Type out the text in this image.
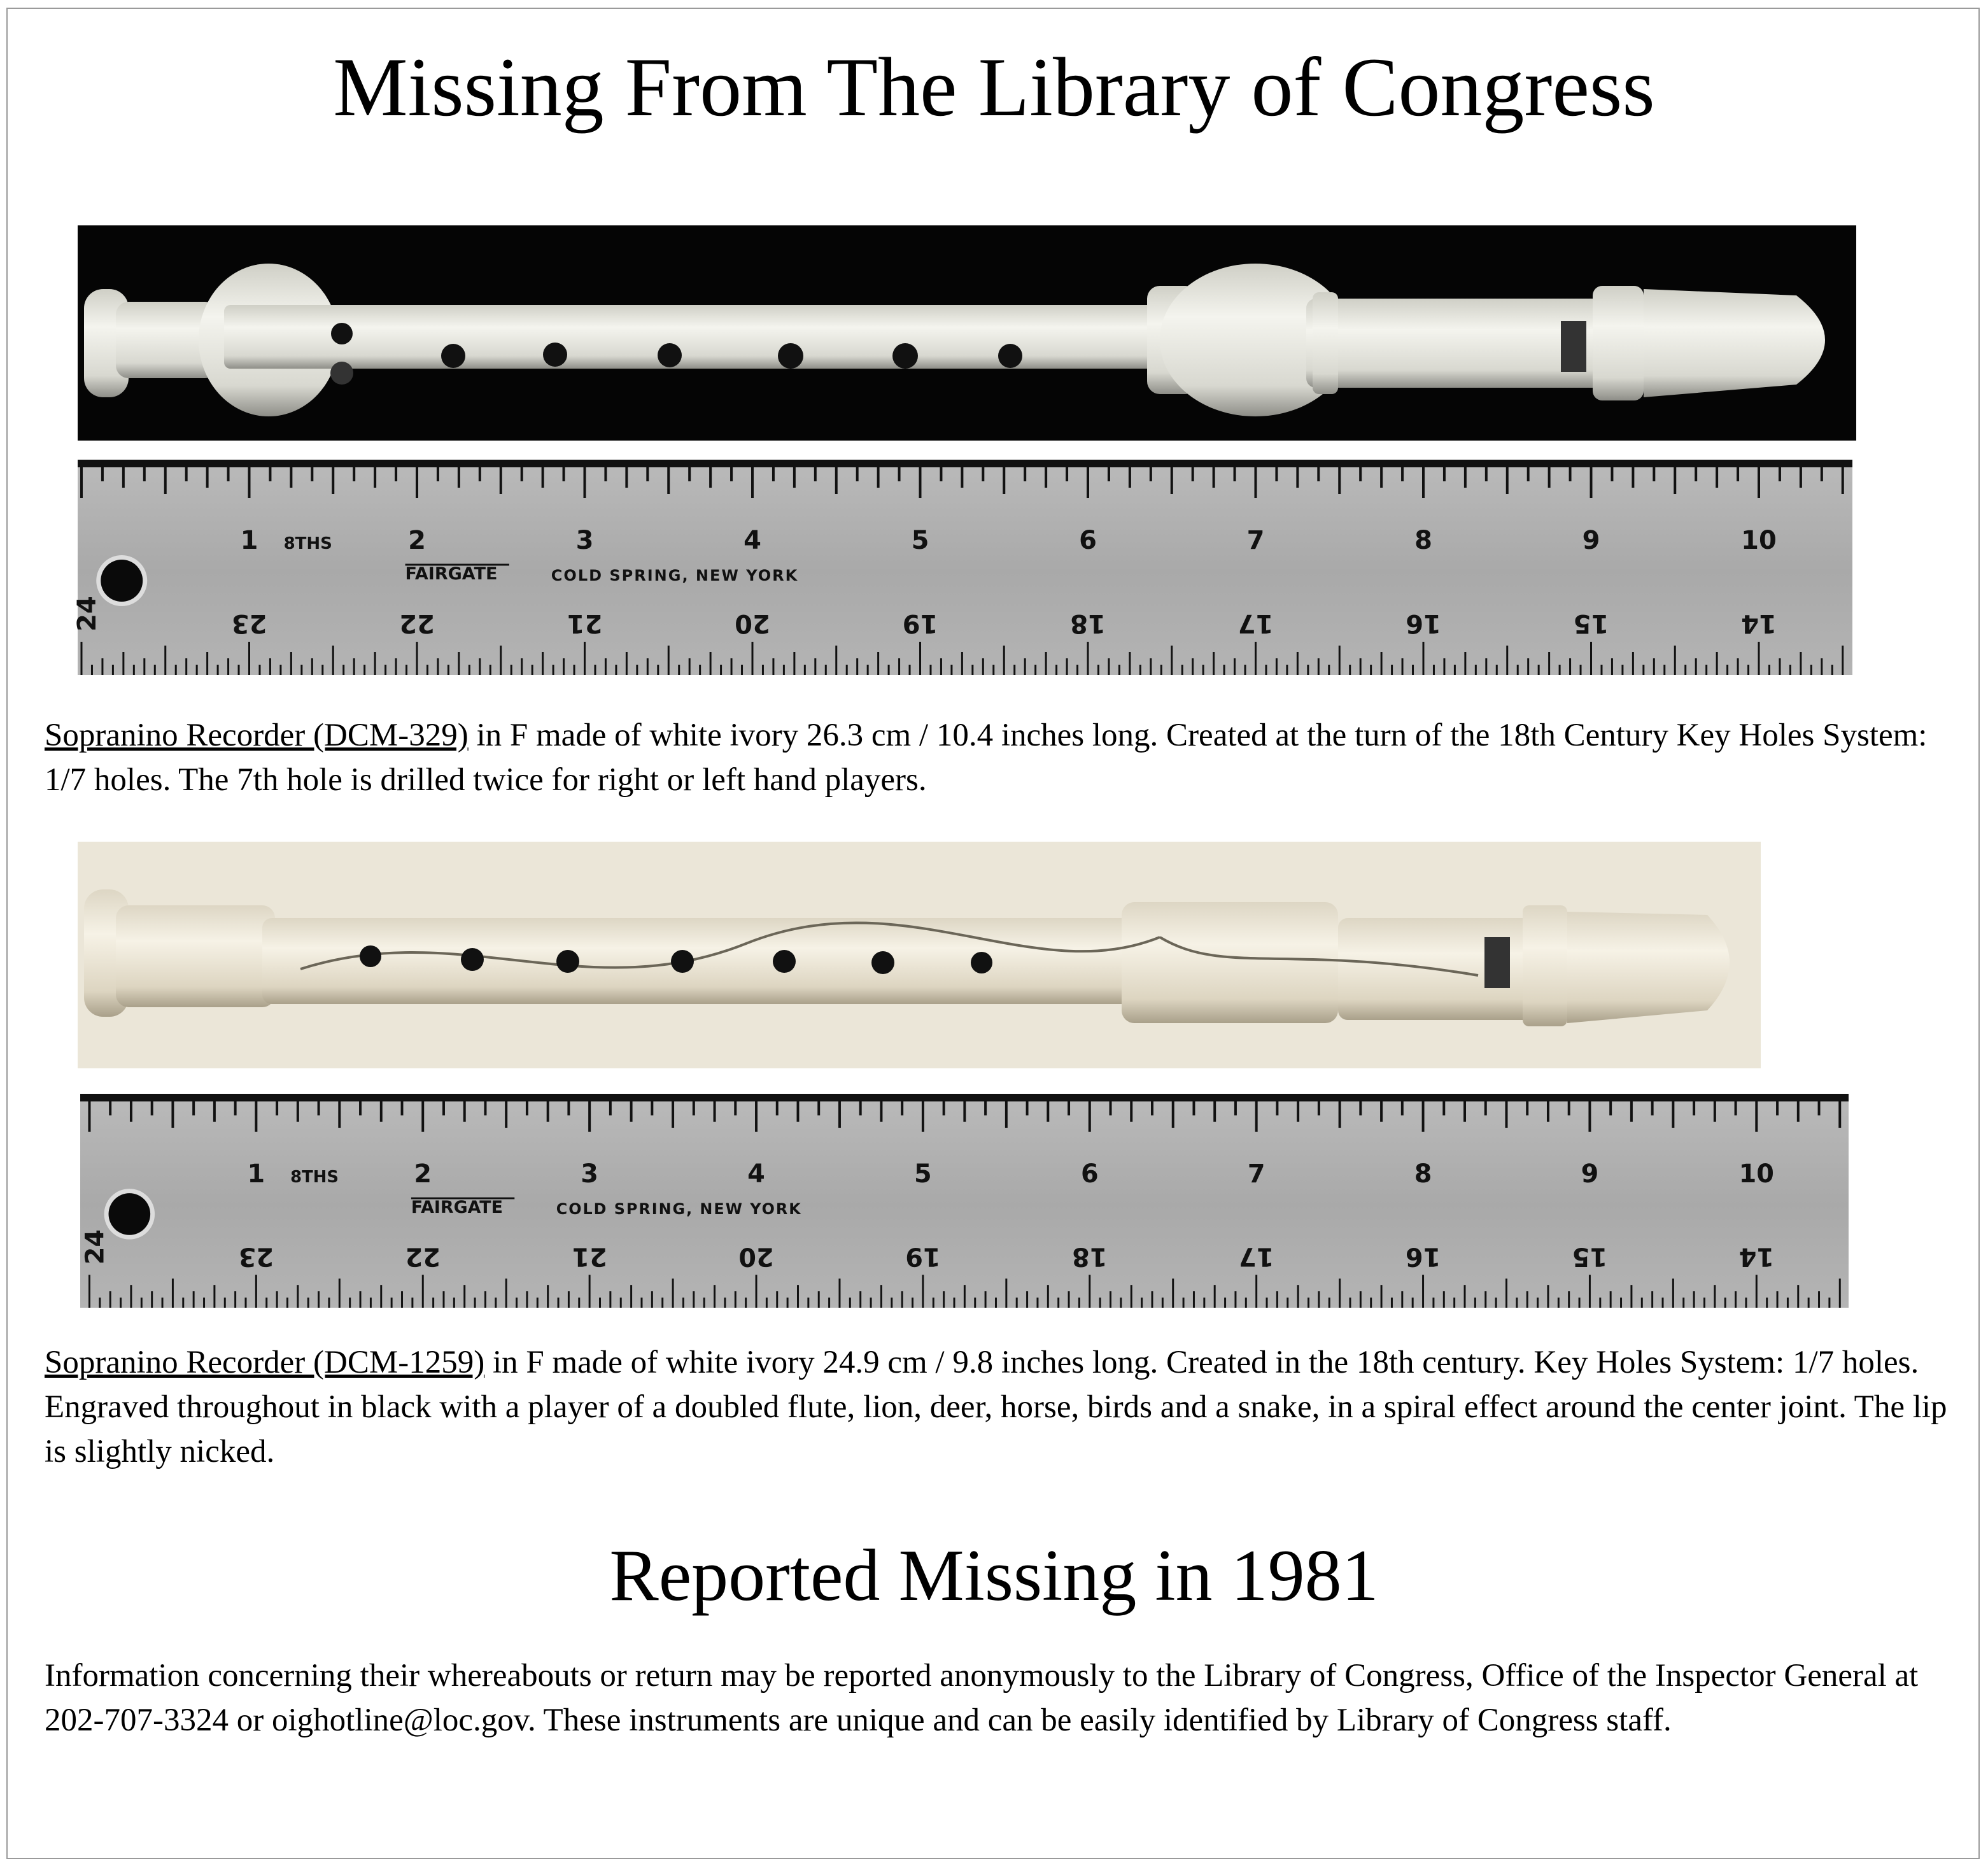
Missing From The Library of Congress
1	2	3	4	5	6	7	8	9	10
24	23	22	21	20	19	18	17	16	15	14
8THS
FAIRGATE	COLD SPRING, NEW YORK
Sopranino Recorder (DCM-329) in F made of white ivory 26.3 cm / 10.4 inches long. Created at the turn of the 18th Century Key Holes System: 1/7 holes. The 7th hole is drilled twice for right or left hand players.
1	2	3	4	5	6	7	8	9	10
24	23	22	21	20	19	18	17	16	15	14
8THS
FAIRGATE	COLD SPRING, NEW YORK
Sopranino Recorder (DCM-1259) in F made of white ivory 24.9 cm / 9.8 inches long. Created in the 18th century. Key Holes System: 1/7 holes. Engraved throughout in black with a player of a doubled flute, lion, deer, horse, birds and a snake, in a spiral effect around the center joint. The lip is slightly nicked.
Reported Missing in 1981
Information concerning their whereabouts or return may be reported anonymously to the Library of Congress, Office of the Inspector General at 202-707-3324 or oighotline@loc.gov. These instruments are unique and can be easily identified by Library of Congress staff.
